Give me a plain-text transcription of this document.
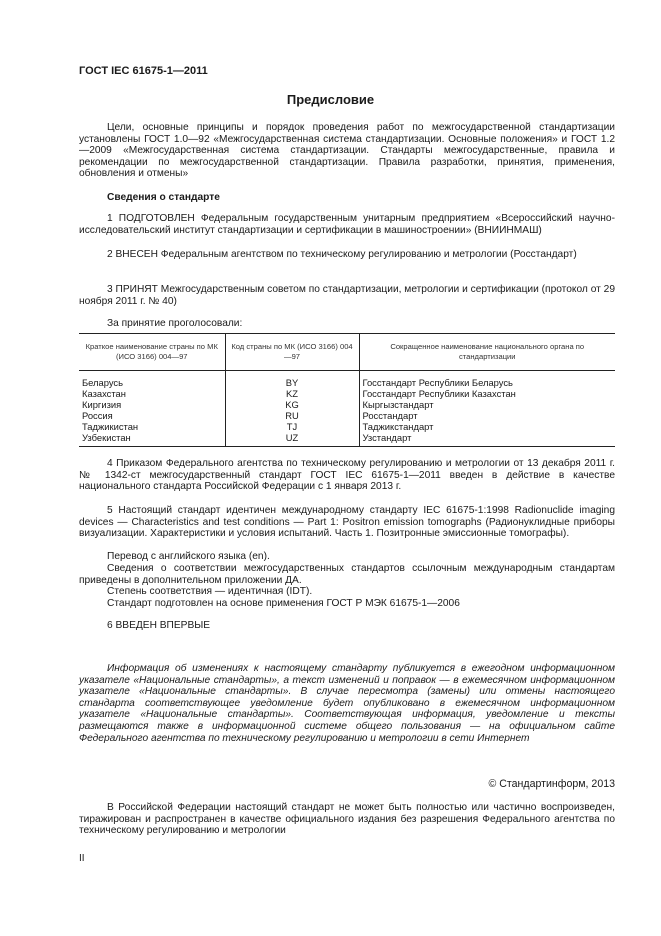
ГОСТ IEC 61675-1—2011
Предисловие

Цели, основные принципы и порядок проведения работ по межгосударственной стандартизации установлены ГОСТ 1.0—92 «Межгосударственная система стандартизации. Основные положения» и ГОСТ 1.2—2009 «Межгосударственная система стандартизации. Стандарты межгосударственные, правила и рекомендации по межгосударственной стандартизации. Правила разработки, принятия, применения, обновления и отмены»

Сведения о стандарте

1 ПОДГОТОВЛЕН Федеральным государственным унитарным предприятием «Всероссийский научно-исследовательский институт стандартизации и сертификации в машиностроении» (ВНИИНМАШ)

2 ВНЕСЕН Федеральным агентством по техническому регулированию и метрологии (Росстандарт)

3 ПРИНЯТ Межгосударственным советом по стандартизации, метрологии и сертификации (протокол от 29 ноября 2011 г. № 40)

За принятие проголосовали:

Краткое наименование страны по МК (ИСО 3166) 004—97	Код страны по МК (ИСО 3166) 004—97	Сокращенное наименование национального органа по стандартизации
Беларусь	BY	Госстандарт Республики Беларусь
Казахстан	KZ	Госстандарт Республики Казахстан
Киргизия	KG	Кыргызстандарт
Россия	RU	Росстандарт
Таджикистан	TJ	Таджикстандарт
Узбекистан	UZ	Узстандарт

4 Приказом Федерального агентства по техническому регулированию и метрологии от 13 декабря 2011 г. № 1342-ст межгосударственный стандарт ГОСТ IEC 61675-1—2011 введен в действие в качестве национального стандарта Российской Федерации с 1 января 2013 г.

5 Настоящий стандарт идентичен международному стандарту IEC 61675-1:1998 Radionuclide imaging devices — Characteristics and test conditions — Part 1: Positron emission tomographs (Радионуклидные приборы визуализации. Характеристики и условия испытаний. Часть 1. Позитронные эмиссионные томографы).

Перевод с английского языка (en).

Сведения о соответствии межгосударственных стандартов ссылочным международным стандартам приведены в дополнительном приложении ДА.

Степень соответствия — идентичная (IDT).

Стандарт подготовлен на основе применения ГОСТ Р МЭК 61675-1—2006

6 ВВЕДЕН ВПЕРВЫЕ

Информация об изменениях к настоящему стандарту публикуется в ежегодном информационном указателе «Национальные стандарты», а текст изменений и поправок — в ежемесячном информационном указателе «Национальные стандарты». В случае пересмотра (замены) или отмены настоящего стандарта соответствующее уведомление будет опубликовано в ежемесячном информационном указателе «Национальные стандарты». Соответствующая информация, уведомление и тексты размещаются также в информационной системе общего пользования — на официальном сайте Федерального агентства по техническому регулированию и метрологии в сети Интернет

© Стандартинформ, 2013

В Российской Федерации настоящий стандарт не может быть полностью или частично воспроизведен, тиражирован и распространен в качестве официального издания без разрешения Федерального агентства по техническому регулированию и метрологии

II
